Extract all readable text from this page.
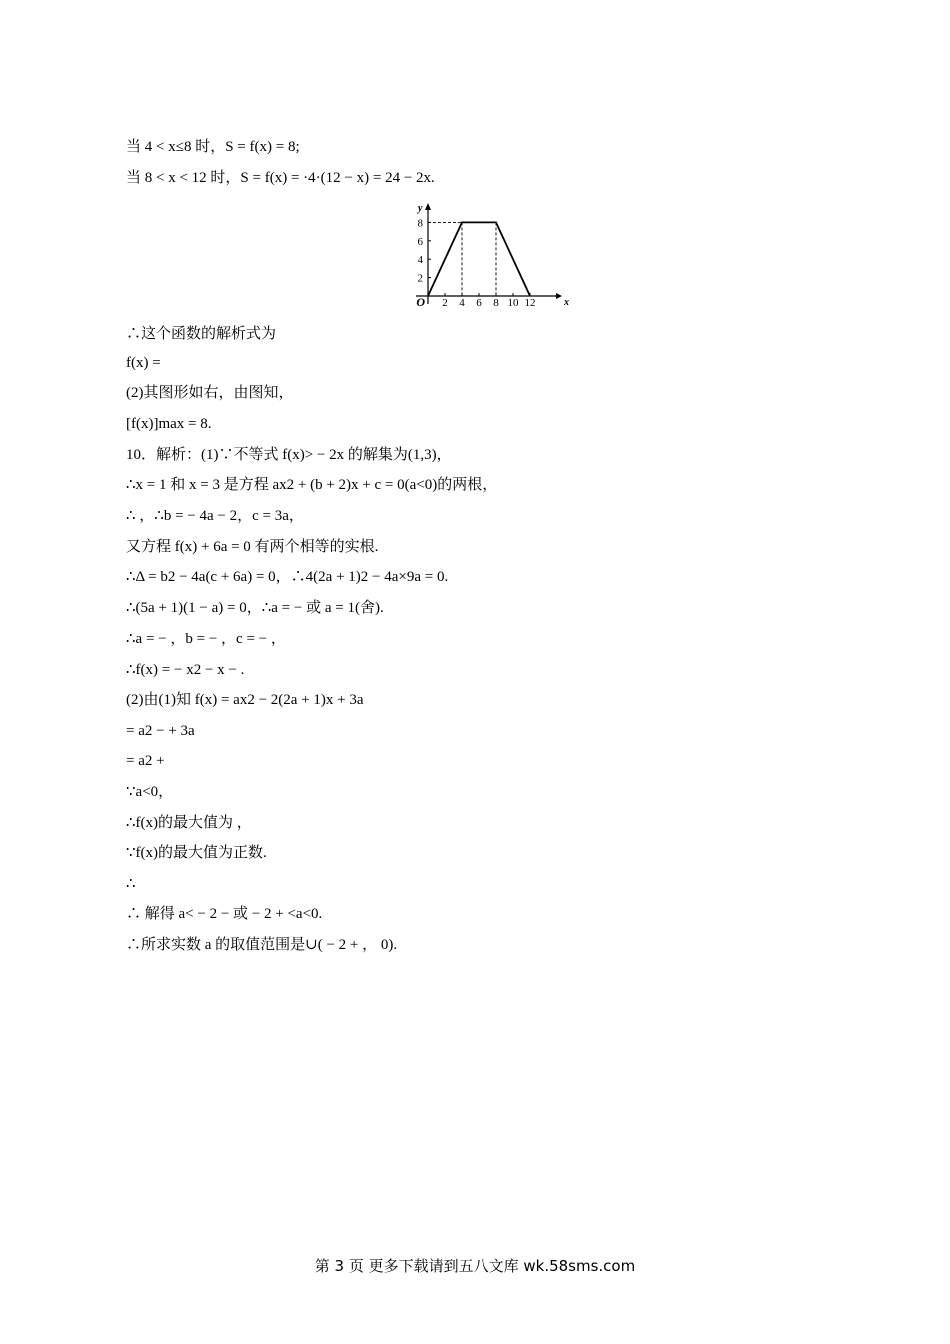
当 4 < x≤8 时，S = f(x) = 8;
当 8 < x < 12 时，S = f(x) = ·4·(12 − x) = 24 − 2x.
2 4 6 8 10 12
2
4
6
8
O	x
y
∴这个函数的解析式为
f(x) =
(2)其图形如右，由图知，
[f(x)]max = 8.
10．解析：(1)∵不等式 f(x)> − 2x 的解集为(1,3)，
∴x = 1 和 x = 3 是方程 ax2 + (b + 2)x + c = 0(a<0)的两根，
∴ ，∴b = − 4a − 2，c = 3a，
又方程 f(x) + 6a = 0 有两个相等的实根.
∴Δ = b2 − 4a(c + 6a) = 0，∴4(2a + 1)2 − 4a×9a = 0.
∴(5a + 1)(1 − a) = 0，∴a = − 或 a = 1(舍).
∴a = − ，b = − ，c = − ，
∴f(x) = − x2 − x − .
(2)由(1)知 f(x) = ax2 − 2(2a + 1)x + 3a
= a2 − + 3a
= a2 +
∵a<0，
∴f(x)的最大值为 ，
∵f(x)的最大值为正数.
∴
∴ 解得 a< − 2 − 或 − 2 + <a<0.
∴所求实数 a 的取值范围是∪( − 2 + ， 0).
第 3 页 更多下载请到五八文库 wk.58sms.com
